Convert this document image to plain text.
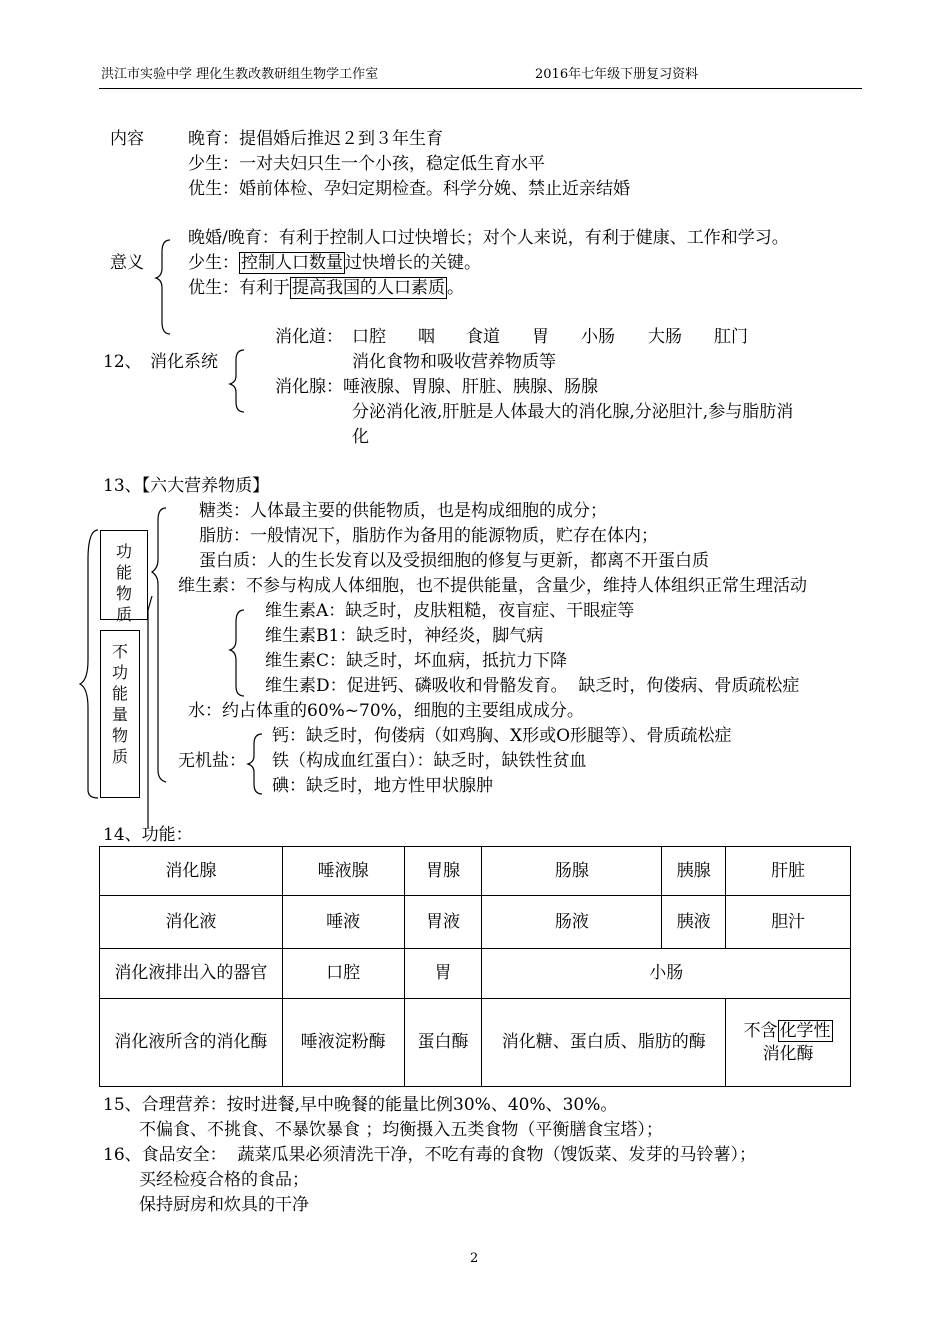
洪江市实验中学 理化生教改教研组生物学工作室	2016年七年级下册复习资料
内容	晚育：提倡婚后推迟２到３年生育
少生：一对夫妇只生一个小孩，稳定低生育水平
优生：婚前体检、孕妇定期检查。科学分娩、禁止近亲结婚
晚婚/晚育：有利于控制人口过快增长；对个人来说，有利于健康、工作和学习。
意义	少生： 控制人口数量 过快增长的关键。
优生：有利于 提高我国的人口素质 。
消化道： 口腔 咽 食道 胃 小肠 大肠 肛门
12、 消化系统	消化食物和吸收营养物质等
消化腺：唾液腺、胃腺、肝脏、胰腺、肠腺
分泌消化液,肝脏是人体最大的消化腺,分泌胆汁,参与脂肪消
化
13、【六大营养物质】
功能物质
不功能量物质
糖类：人体最主要的供能物质，也是构成细胞的成分；
脂肪：一般情况下，脂肪作为备用的能源物质，贮存在体内；
蛋白质：人的生长发育以及受损细胞的修复与更新，都离不开蛋白质
维生素：不参与构成人体细胞，也不提供能量，含量少，维持人体组织正常生理活动
维生素A：缺乏时，皮肤粗糙，夜盲症、干眼症等
维生素B1：缺乏时，神经炎，脚气病
维生素C：缺乏时，坏血病，抵抗力下降
维生素D：促进钙、磷吸收和骨骼发育。  缺乏时，佝偻病、骨质疏松症
水：约占体重的60%~70%，细胞的主要组成成分。
钙：缺乏时，佝偻病（如鸡胸、X形或O形腿等）、骨质疏松症
无机盐： 铁（构成血红蛋白）：缺乏时，缺铁性贫血
碘：缺乏时，地方性甲状腺肿
14、功能：
消化腺	唾液腺	胃腺	肠腺	胰腺	肝脏
消化液	唾液	胃液	肠液	胰液	胆汁
消化液排出入的器官	口腔	胃	小肠		
消化液所含的消化酶	唾液淀粉酶	蛋白酶	消化糖、蛋白质、脂肪的酶		不含 化学性
消化酶
15、合理营养：按时进餐,早中晚餐的能量比例30%、40%、30%。
不偏食、不挑食、不暴饮暴食 ；均衡摄入五类食物（平衡膳食宝塔）；
16、食品安全：  蔬菜瓜果必须清洗干净，不吃有毒的食物（馊饭菜、发芽的马铃薯）；
买经检疫合格的食品；
保持厨房和炊具的干净
2
